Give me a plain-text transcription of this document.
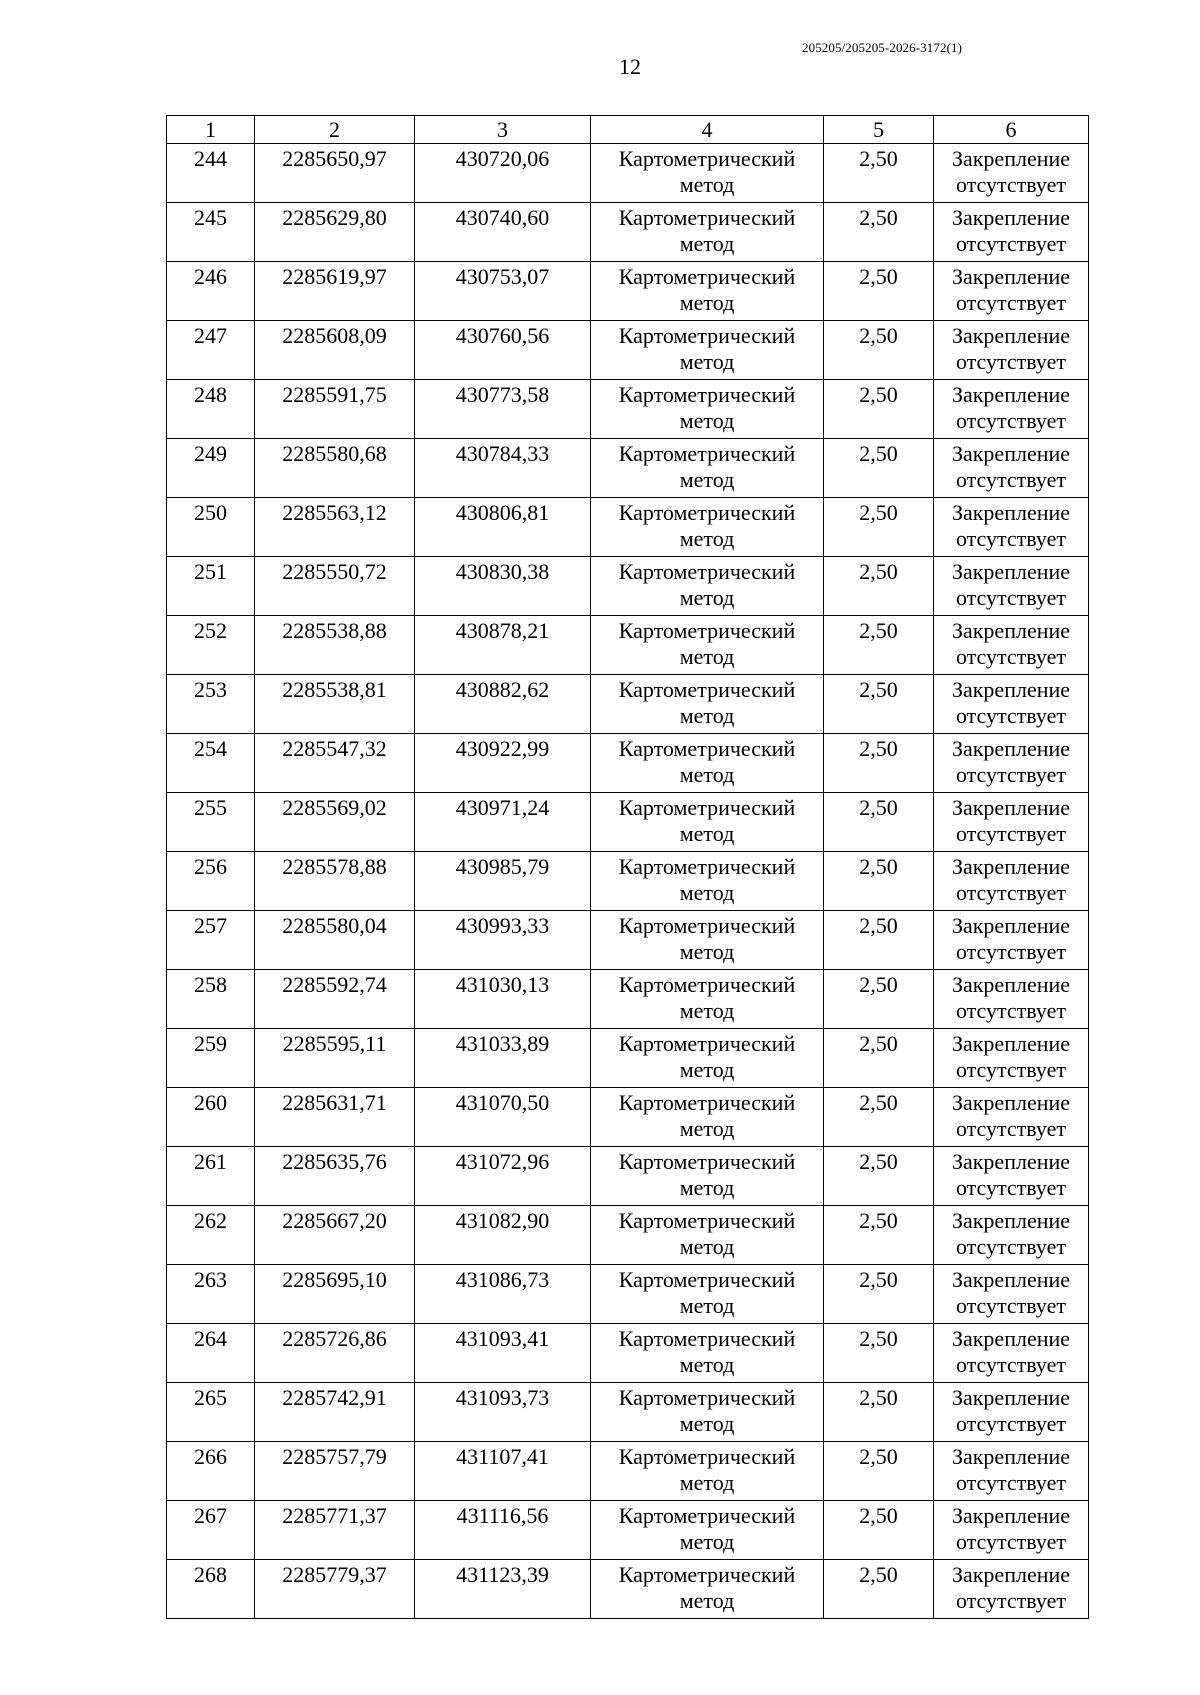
205205/205205-2026-3172(1)
12
1	2	3	4	5	6

244	2285650,97	430720,06	Картометрический метод	2,50	Закрепление отсутствует

245	2285629,80	430740,60	Картометрический метод	2,50	Закрепление отсутствует

246	2285619,97	430753,07	Картометрический метод	2,50	Закрепление отсутствует

247	2285608,09	430760,56	Картометрический метод	2,50	Закрепление отсутствует

248	2285591,75	430773,58	Картометрический метод	2,50	Закрепление отсутствует

249	2285580,68	430784,33	Картометрический метод	2,50	Закрепление отсутствует

250	2285563,12	430806,81	Картометрический метод	2,50	Закрепление отсутствует

251	2285550,72	430830,38	Картометрический метод	2,50	Закрепление отсутствует

252	2285538,88	430878,21	Картометрический метод	2,50	Закрепление отсутствует

253	2285538,81	430882,62	Картометрический метод	2,50	Закрепление отсутствует

254	2285547,32	430922,99	Картометрический метод	2,50	Закрепление отсутствует

255	2285569,02	430971,24	Картометрический метод	2,50	Закрепление отсутствует

256	2285578,88	430985,79	Картометрический метод	2,50	Закрепление отсутствует

257	2285580,04	430993,33	Картометрический метод	2,50	Закрепление отсутствует

258	2285592,74	431030,13	Картометрический метод	2,50	Закрепление отсутствует

259	2285595,11	431033,89	Картометрический метод	2,50	Закрепление отсутствует

260	2285631,71	431070,50	Картометрический метод	2,50	Закрепление отсутствует

261	2285635,76	431072,96	Картометрический метод	2,50	Закрепление отсутствует

262	2285667,20	431082,90	Картометрический метод	2,50	Закрепление отсутствует

263	2285695,10	431086,73	Картометрический метод	2,50	Закрепление отсутствует

264	2285726,86	431093,41	Картометрический метод	2,50	Закрепление отсутствует

265	2285742,91	431093,73	Картометрический метод	2,50	Закрепление отсутствует

266	2285757,79	431107,41	Картометрический метод	2,50	Закрепление отсутствует

267	2285771,37	431116,56	Картометрический метод	2,50	Закрепление отсутствует

268	2285779,37	431123,39	Картометрический метод	2,50	Закрепление отсутствует
